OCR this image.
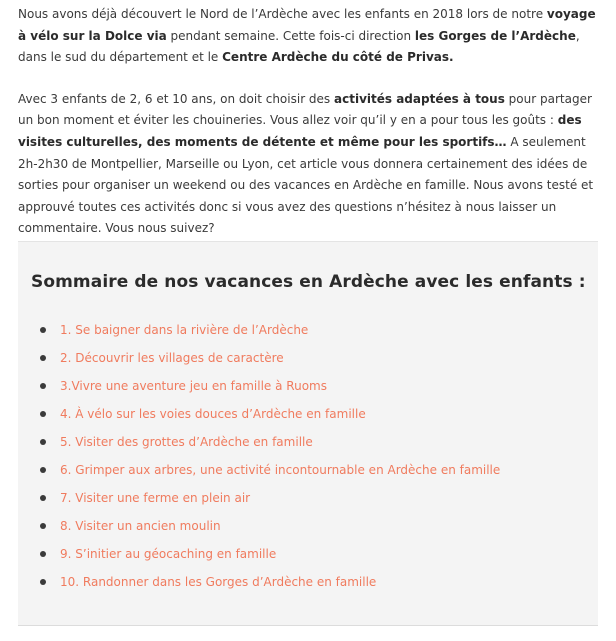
Nous avons déjà découvert le Nord de l’Ardèche avec les enfants en 2018 lors de notre voyage à vélo sur la Dolce via pendant semaine. Cette fois-ci direction les Gorges de l’Ardèche, dans le sud du département et le Centre Ardèche du côté de Privas.

Avec 3 enfants de 2, 6 et 10 ans, on doit choisir des activités adaptées à tous pour partager un bon moment et éviter les chouineries. Vous allez voir qu’il y en a pour tous les goûts : des visites culturelles, des moments de détente et même pour les sportifs… A seulement 2h-2h30 de Montpellier, Marseille ou Lyon, cet article vous donnera certainement des idées de sorties pour organiser un weekend ou des vacances en Ardèche en famille. Nous avons testé et approuvé toutes ces activités donc si vous avez des questions n’hésitez à nous laisser un commentaire. Vous nous suivez?

Sommaire de nos vacances en Ardèche avec les enfants :
1. Se baigner dans la rivière de l’Ardèche
2. Découvrir les villages de caractère
3.Vivre une aventure jeu en famille à Ruoms
4. À vélo sur les voies douces d’Ardèche en famille
5. Visiter des grottes d’Ardèche en famille
6. Grimper aux arbres, une activité incontournable en Ardèche en famille
7. Visiter une ferme en plein air
8. Visiter un ancien moulin
9. S’initier au géocaching en famille
10. Randonner dans les Gorges d’Ardèche en famille
